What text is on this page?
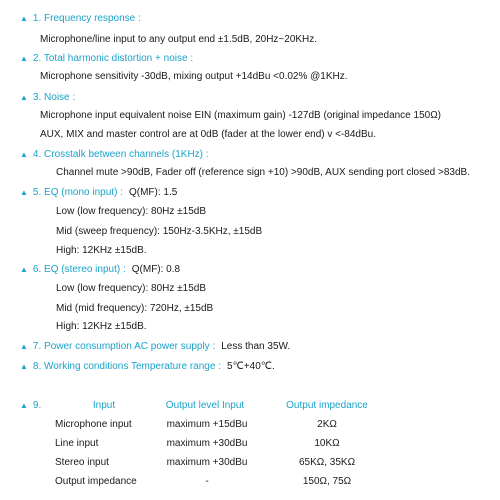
▲ 1. Frequency response :
Microphone/line input to any output end ±1.5dB, 20Hz~20KHz.
▲ 2. Total harmonic distortion + noise :
Microphone sensitivity -30dB, mixing output +14dBu <0.02% @1KHz.
▲ 3. Noise :
Microphone input equivalent noise EIN (maximum gain) -127dB (original impedance 150Ω)
AUX, MIX and master control are at 0dB (fader at the lower end) v <-84dBu.
▲ 4. Crosstalk between channels (1KHz) :
Channel mute >90dB, Fader off (reference sign +10) >90dB, AUX sending port closed >83dB.
▲ 5. EQ (mono input) : Q(MF): 1.5
Low (low frequency): 80Hz ±15dB
Mid (sweep frequency): 150Hz-3.5KHz, ±15dB
High: 12KHz ±15dB.
▲ 6. EQ (stereo input) : Q(MF): 0.8
Low (low frequency): 80Hz ±15dB
Mid (mid frequency): 720Hz, ±15dB
High: 12KHz ±15dB.
▲ 7. Power consumption AC power supply : Less than 35W.
▲ 8. Working conditions Temperature range : 5℃+40℃.
▲ 9.	Input	Output level Input	Output impedance
Microphone input	maximum +15dBu	2KΩ
Line input	maximum +30dBu	10KΩ
Stereo input	maximum +30dBu	65KΩ, 35KΩ
Output impedance	-	150Ω, 75Ω
